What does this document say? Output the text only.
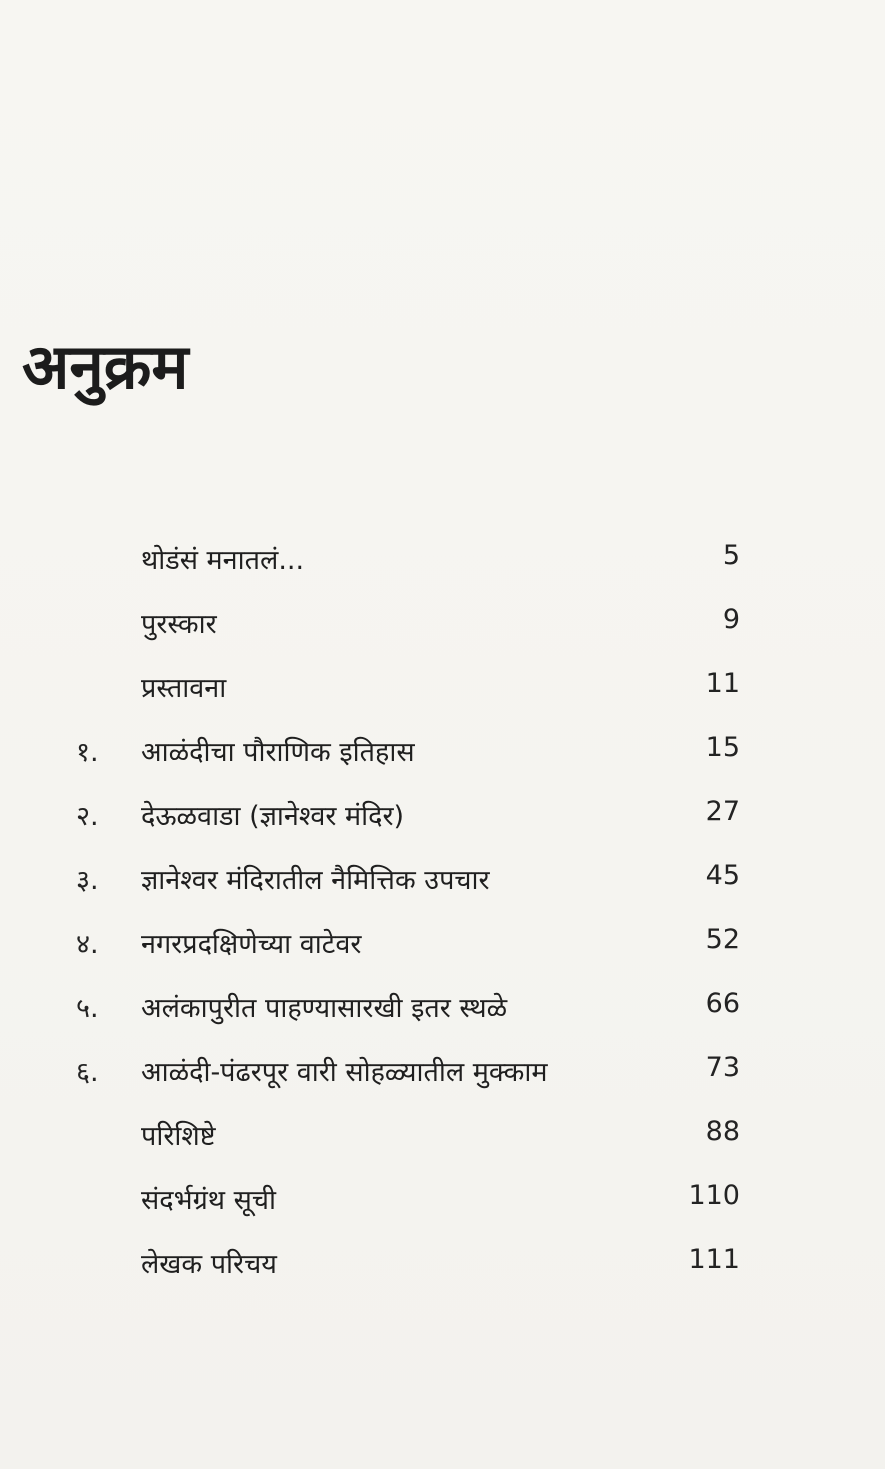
अनुक्रम
थोडंसं मनातलं...	5
पुरस्कार	9
प्रस्तावना	11
१. आळंदीचा पौराणिक इतिहास	15
२. देऊळवाडा (ज्ञानेश्वर मंदिर)	27
३. ज्ञानेश्वर मंदिरातील नैमित्तिक उपचार	45
४. नगरप्रदक्षिणेच्या वाटेवर	52
५. अलंकापुरीत पाहण्यासारखी इतर स्थळे	66
६. आळंदी-पंढरपूर वारी सोहळ्यातील मुक्काम	73
परिशिष्टे	88
संदर्भग्रंथ सूची	110
लेखक परिचय	111
